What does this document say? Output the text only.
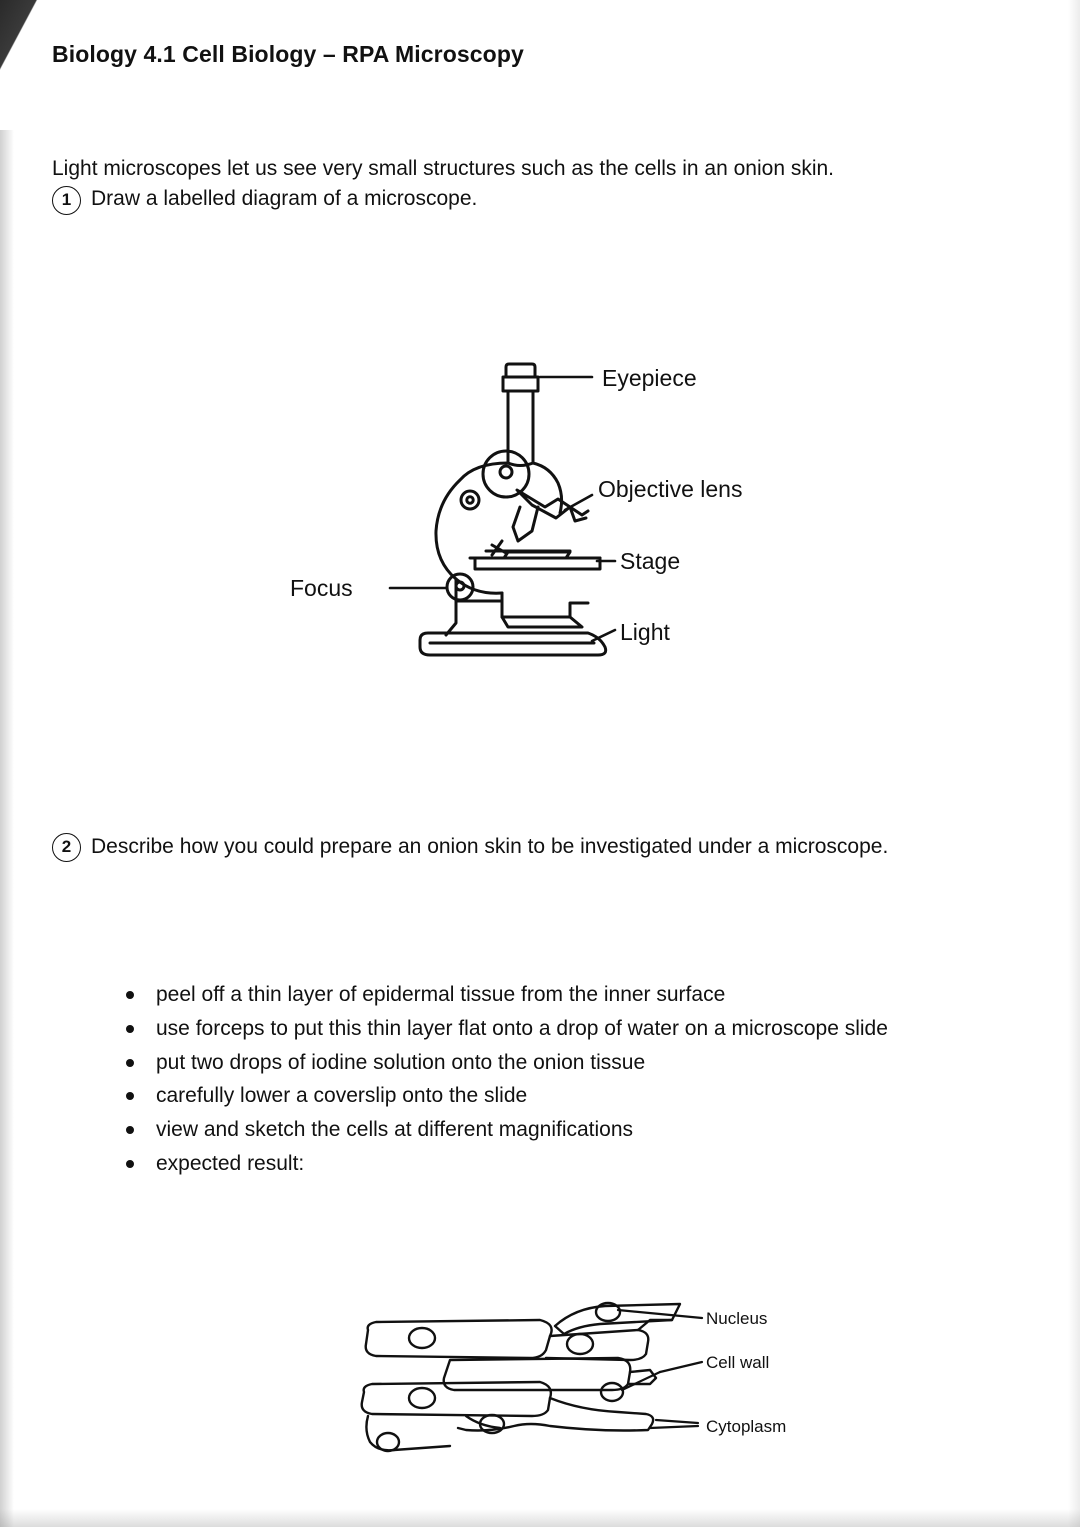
Biology 4.1 Cell Biology – RPA Microscopy

Light microscopes let us see very small structures such as the cells in an onion skin.

1 Draw a labelled diagram of a microscope.
Eyepiece
Objective lens
Stage
Light
Focus
2 Describe how you could prepare an onion skin to be investigated under a microscope.
peel off a thin layer of epidermal tissue from the inner surface
use forceps to put this thin layer flat onto a drop of water on a microscope slide
put two drops of iodine solution onto the onion tissue
carefully lower a coverslip onto the slide
view and sketch the cells at different magnifications
expected result:
Nucleus
Cell wall
Cytoplasm
